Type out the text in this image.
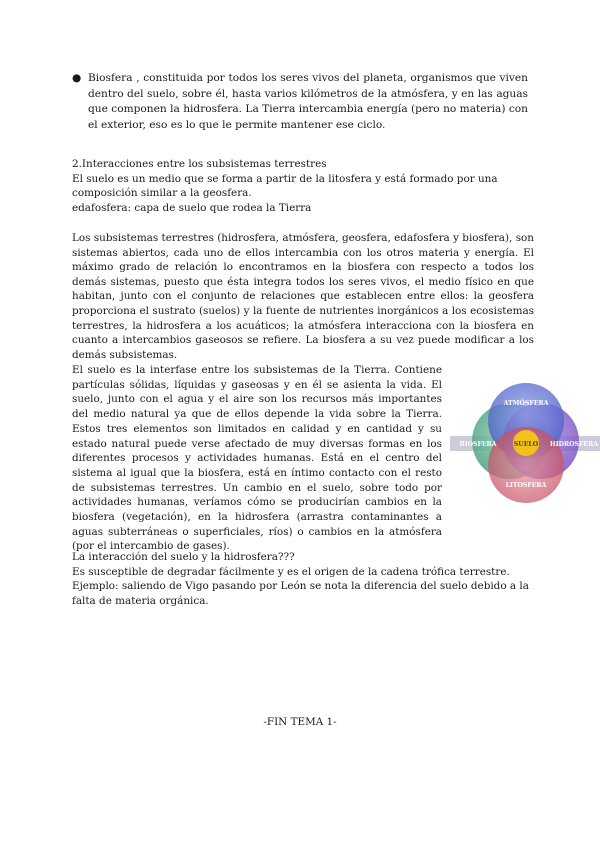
● Biosfera , constituida por todos los seres vivos del planeta, organismos que viven dentro del suelo, sobre él, hasta varios kilómetros de la atmósfera, y en las aguas que componen la hidrosfera. La Tierra intercambia energía (pero no materia) con el exterior, eso es lo que le permite mantener ese ciclo.

2.Interacciones entre los subsistemas terrestres

El suelo es un medio que se forma a partir de la litosfera y está formado por una composición similar a la geosfera.

edafosfera: capa de suelo que rodea la Tierra

Los subsistemas terrestres (hidrosfera, atmósfera, geosfera, edafosfera y biosfera), son sistemas abiertos, cada uno de ellos intercambia con los otros materia y energía. El máximo grado de relación lo encontramos en la biosfera con respecto a todos los demás sistemas, puesto que ésta integra todos los seres vivos, el medio físico en que habitan, junto con el conjunto de relaciones que establecen entre ellos: la geosfera proporciona el sustrato (suelos) y la fuente de nutrientes inorgánicos a los ecosistemas terrestres, la hidrosfera a los acuáticos; la atmósfera interacciona con la biosfera en cuanto a intercambios gaseosos se refiere. La biosfera a su vez puede modificar a los demás subsistemas.

El suelo es la interfase entre los subsistemas de la Tierra. Contiene partículas sólidas, líquidas y gaseosas y en él se asienta la vida. El suelo, junto con el agua y el aire son los recursos más importantes del medio natural ya que de ellos depende la vida sobre la Tierra. Estos tres elementos son limitados en calidad y en cantidad y su estado natural puede verse afectado de muy diversas formas en los diferentes procesos y actividades humanas. Está en el centro del sistema al igual que la biosfera, está en íntimo contacto con el resto de subsistemas terrestres. Un cambio en el suelo, sobre todo por actividades humanas, veríamos cómo se producirían cambios en la biosfera (vegetación), en la hidrosfera (arrastra contaminantes a aguas subterráneas o superficiales, ríos) o cambios en la atmósfera (por el intercambio de gases).
ATMÓSFERA
BIOSFERA	SUELO HIDROSFERA
LITOSFERA

La interacción del suelo y la hidrosfera???

Es susceptible de degradar fácilmente y es el origen de la cadena trófica terrestre.

Ejemplo: saliendo de Vigo pasando por León se nota la diferencia del suelo debido a la falta de materia orgánica.

-FIN TEMA 1-
